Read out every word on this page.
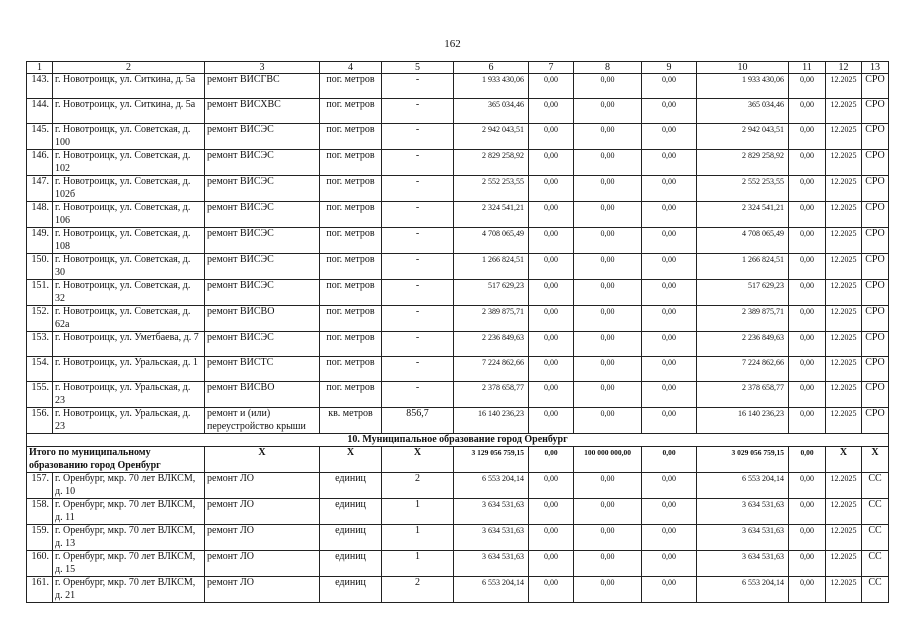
162
1	2	3	4	5	6	7	8	9	10	11	12	13
143.	г. Новотроицк, ул. Ситкина, д. 5а	ремонт ВИСГВС	пог. метров	-	1 933 430,06	0,00	0,00	0,00	1 933 430,06	0,00	12.2025	СРО
144.	г. Новотроицк, ул. Ситкина, д. 5а	ремонт ВИСХВС	пог. метров	-	365 034,46	0,00	0,00	0,00	365 034,46	0,00	12.2025	СРО
145.	г. Новотроицк, ул. Советская, д. 100	ремонт ВИСЭС	пог. метров	-	2 942 043,51	0,00	0,00	0,00	2 942 043,51	0,00	12.2025	СРО
146.	г. Новотроицк, ул. Советская, д. 102	ремонт ВИСЭС	пог. метров	-	2 829 258,92	0,00	0,00	0,00	2 829 258,92	0,00	12.2025	СРО
147.	г. Новотроицк, ул. Советская, д. 102б	ремонт ВИСЭС	пог. метров	-	2 552 253,55	0,00	0,00	0,00	2 552 253,55	0,00	12.2025	СРО
148.	г. Новотроицк, ул. Советская, д. 106	ремонт ВИСЭС	пог. метров	-	2 324 541,21	0,00	0,00	0,00	2 324 541,21	0,00	12.2025	СРО
149.	г. Новотроицк, ул. Советская, д. 108	ремонт ВИСЭС	пог. метров	-	4 708 065,49	0,00	0,00	0,00	4 708 065,49	0,00	12.2025	СРО
150.	г. Новотроицк, ул. Советская, д. 30	ремонт ВИСЭС	пог. метров	-	1 266 824,51	0,00	0,00	0,00	1 266 824,51	0,00	12.2025	СРО
151.	г. Новотроицк, ул. Советская, д. 32	ремонт ВИСЭС	пог. метров	-	517 629,23	0,00	0,00	0,00	517 629,23	0,00	12.2025	СРО
152.	г. Новотроицк, ул. Советская, д. 62а	ремонт ВИСВО	пог. метров	-	2 389 875,71	0,00	0,00	0,00	2 389 875,71	0,00	12.2025	СРО
153.	г. Новотроицк, ул. Уметбаева, д. 7	ремонт ВИСЭС	пог. метров	-	2 236 849,63	0,00	0,00	0,00	2 236 849,63	0,00	12.2025	СРО
154.	г. Новотроицк, ул. Уральская, д. 1	ремонт ВИСТС	пог. метров	-	7 224 862,66	0,00	0,00	0,00	7 224 862,66	0,00	12.2025	СРО
155.	г. Новотроицк, ул. Уральская, д. 23	ремонт ВИСВО	пог. метров	-	2 378 658,77	0,00	0,00	0,00	2 378 658,77	0,00	12.2025	СРО
156.	г. Новотроицк, ул. Уральская, д. 23	ремонт и (или) переустройство крыши	кв. метров	856,7	16 140 236,23	0,00	0,00	0,00	16 140 236,23	0,00	12.2025	СРО
10. Муниципальное образование город Оренбург												
Итого по муниципальному образованию город Оренбург		X	X	X	3 129 056 759,15	0,00	100 000 000,00	0,00	3 029 056 759,15	0,00	X	X
157.	г. Оренбург, мкр. 70 лет ВЛКСМ, д. 10	ремонт ЛО	единиц	2	6 553 204,14	0,00	0,00	0,00	6 553 204,14	0,00	12.2025	СС
158.	г. Оренбург, мкр. 70 лет ВЛКСМ, д. 11	ремонт ЛО	единиц	1	3 634 531,63	0,00	0,00	0,00	3 634 531,63	0,00	12.2025	СС
159.	г. Оренбург, мкр. 70 лет ВЛКСМ, д. 13	ремонт ЛО	единиц	1	3 634 531,63	0,00	0,00	0,00	3 634 531,63	0,00	12.2025	СС
160.	г. Оренбург, мкр. 70 лет ВЛКСМ, д. 15	ремонт ЛО	единиц	1	3 634 531,63	0,00	0,00	0,00	3 634 531,63	0,00	12.2025	СС
161.	г. Оренбург, мкр. 70 лет ВЛКСМ, д. 21	ремонт ЛО	единиц	2	6 553 204,14	0,00	0,00	0,00	6 553 204,14	0,00	12.2025	СС
